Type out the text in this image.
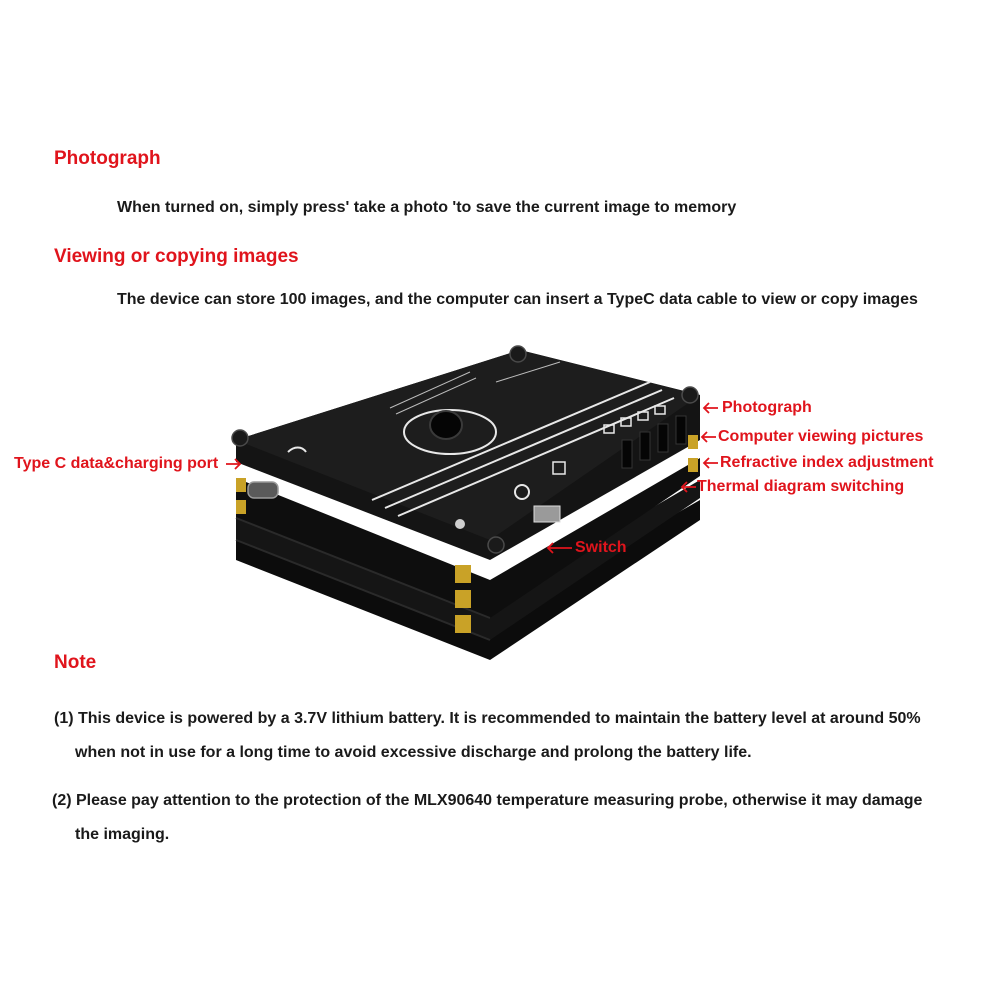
Photograph
When turned on, simply press' take a photo 'to save the current image to memory
Viewing or copying images
The device can store 100 images, and the computer can insert a TypeC data cable to view or copy images
Type C data&charging port
Photograph
Computer viewing pictures
Refractive index adjustment
Thermal diagram switching
Switch
Note
(1) This device is powered by a 3.7V lithium battery. It is recommended to maintain the battery level at around 50%
when not in use for a long time to avoid excessive discharge and prolong the battery life.
(2) Please pay attention to the protection of the MLX90640 temperature measuring probe, otherwise it may damage
the imaging.
